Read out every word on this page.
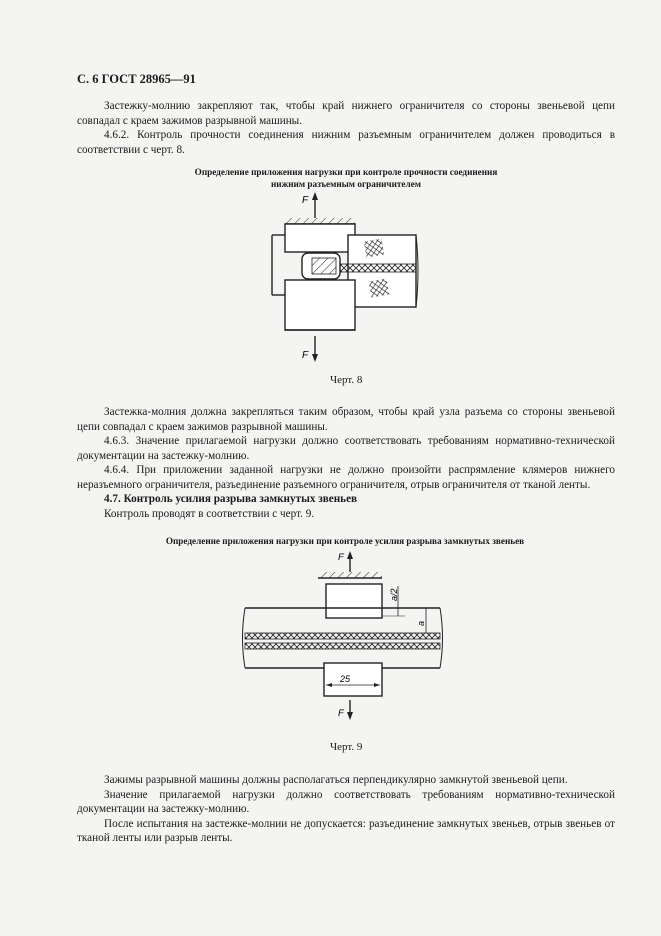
С. 6 ГОСТ 28965—91
Застежку-молнию закрепляют так, чтобы край нижнего ограничителя со стороны звеньевой цепи совпадал с краем зажимов разрывной машины.
4.6.2. Контроль прочности соединения нижним разъемным ограничителем должен проводиться в соответствии с черт. 8.
Определение приложения нагрузки при контроле прочности соединения
нижним разъемным ограничителем
F
F
Черт. 8
Застежка-молния должна закрепляться таким образом, чтобы край узла разъема со стороны звеньевой цепи совпадал с краем зажимов разрывной машины.
4.6.3. Значение прилагаемой нагрузки должно соответствовать требованиям нормативно-технической документации на застежку-молнию.
4.6.4. При приложении заданной нагрузки не должно произойти распрямление клямеров нижнего неразъемного ограничителя, разъединение разъемного ограничителя, отрыв ограничителя от тканой ленты.
4.7. Контроль усилия разрыва замкнутых звеньев
Контроль проводят в соответствии с черт. 9.
Определение приложения нагрузки при контроле усилия разрыва замкнутых звеньев
F
a/2
a
25
F
Черт. 9
Зажимы разрывной машины должны располагаться перпендикулярно замкнутой звеньевой цепи.
Значение прилагаемой нагрузки должно соответствовать требованиям нормативно-технической документации на застежку-молнию.
После испытания на застежке-молнии не допускается: разъединение замкнутых звеньев, отрыв звеньев от тканой ленты или разрыв ленты.
